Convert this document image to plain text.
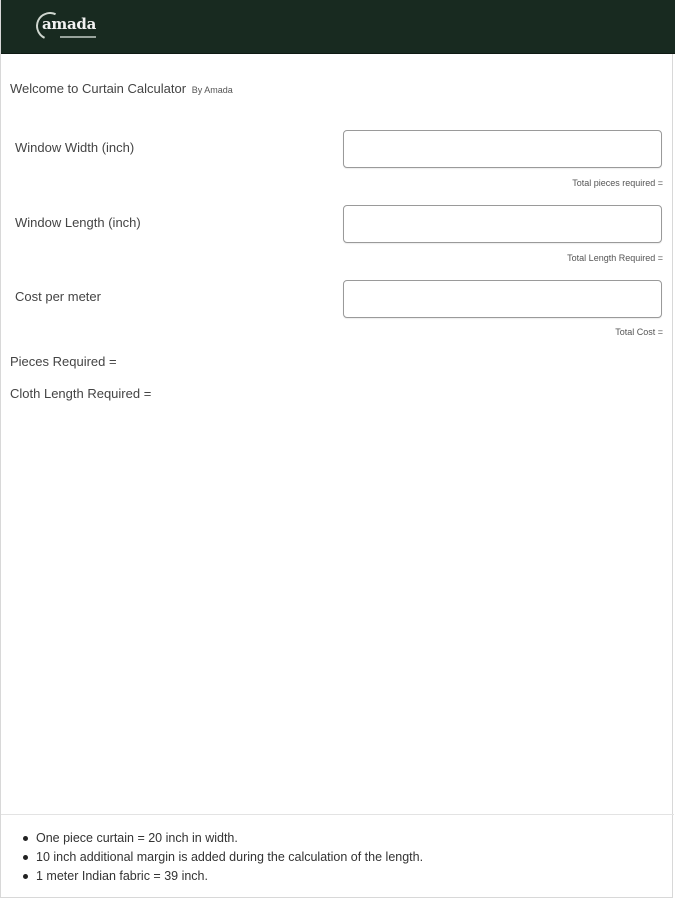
amada
Welcome to Curtain Calculator By Amada
Window Width (inch)
Total pieces required =
Window Length (inch)
Total Length Required =
Cost per meter
Total Cost =
Pieces Required =
Cloth Length Required =
One piece curtain = 20 inch in width.
10 inch additional margin is added during the calculation of the length.
1 meter Indian fabric = 39 inch.
